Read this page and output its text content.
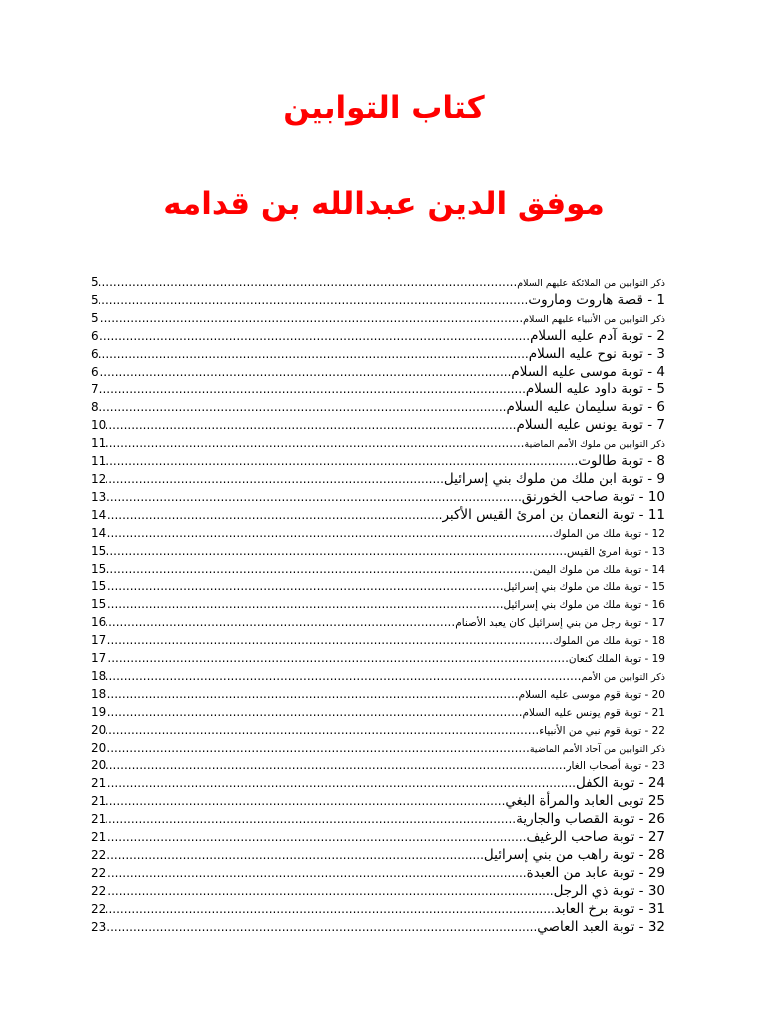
كتاب التوابين
موفق الدين عبدالله بن قدامه
ذكر التوابين من الملائكة عليهم السلام
.....
5
1 - قصة هاروت وماروت
.....
5
ذكر التوابين من الأنبياء عليهم السلام
.....
5
2 - توبة آدم عليه السلام
.....
6
3 - توبة نوح عليه السلام
.....
6
4 - توبة موسى عليه السلام
.....
6
5 - توبة داود عليه السلام
.....
7
6 - توبة سليمان عليه السلام
.....
8
7 - توبة يونس عليه السلام
.....
10
ذكر التوابين من ملوك الأمم الماضية
.....
11
8 - توبة طالوت
.....
11
9 - توبة ابن ملك من ملوك بني إسرائيل
.....
12
10 - توبة صاحب الخورنق
.....
13
11 - توبة النعمان بن امرئ القيس الأكبر
.....
14
12 - توبة ملك من الملوك
.....
14
13 - توبة امرئ القيس
.....
15
14 - توبة ملك من ملوك اليمن
.....
15
15 - توبة ملك من ملوك بني إسرائيل
.....
15
16 - توبة ملك من ملوك بني إسرائيل
.....
15
17 - توبة رجل من بني إسرائيل كان يعبد الأصنام
.....
16
18 - توبة ملك من الملوك
.....
17
19 - توبة الملك كنعان
.....
17
ذكر التوابين من الأمم
.....
18
20 - توبة قوم موسى عليه السلام
.....
18
21 - توبة قوم يونس عليه السلام
.....
19
22 - توبة قوم نبي من الأنبياء
.....
20
ذكر التوابين من آحاد الأمم الماضية
.....
20
23 - توبة أصحاب الغار
.....
20
24 - توبة الكفل
.....
21
25 توبى العابد والمرأة البغي
.....
21
26 - توبة القصاب والجارية
.....
21
27 - توبة صاحب الرغيف
.....
21
28 - توبة راهب من بني إسرائيل
.....
22
29 - توبة عابد من العبدة
.....
22
30 - توبة ذي الرجل
.....
22
31 - توبة برخ العابد
.....
22
32 - توبة العبد العاصي
.....
23
